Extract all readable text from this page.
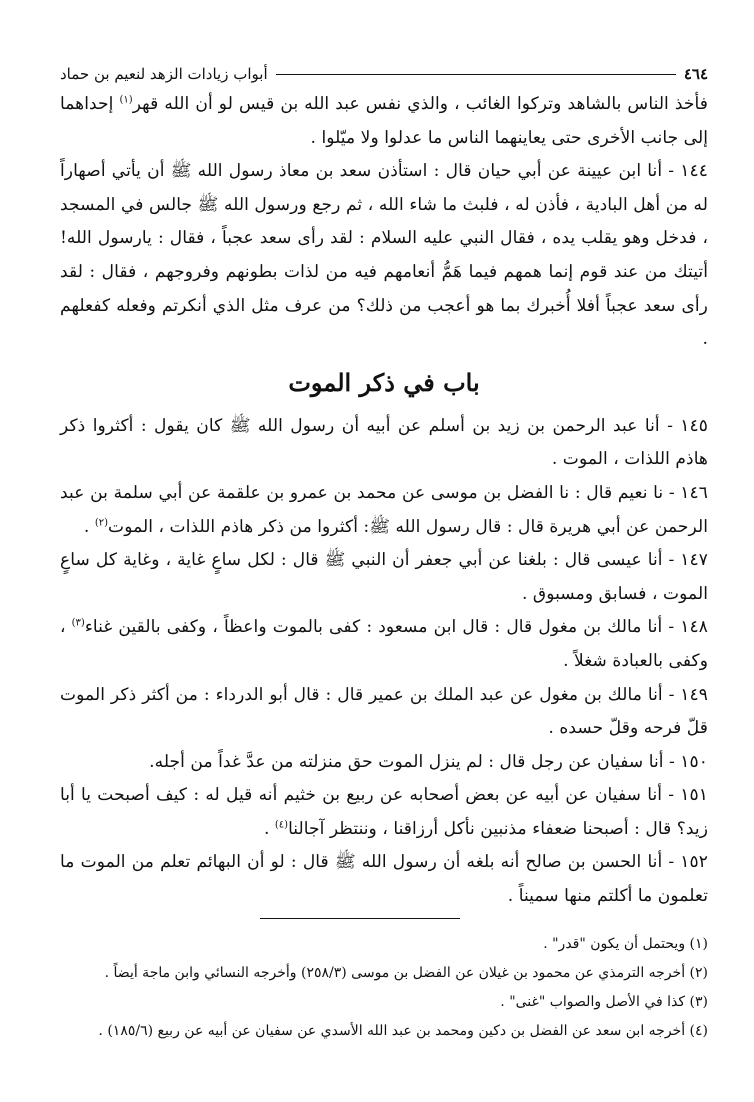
٤٦٤
أبواب زيادات الزهد لنعيم بن حماد

فأخذ الناس بالشاهد وتركوا الغائب ، والذي نفس عبد الله بن قيس لو أن الله قهر$^{(١)}$ إحداهما إلى جانب الأخرى حتى يعاينهما الناس ما عدلوا ولا ميّلوا .

١٤٤ - أنا ابن عيينة عن أبي حيان قال : استأذن سعد بن معاذ رسول الله ﷺ أن يأتي أصهاراً له من أهل البادية ، فأذن له ، فلبث ما شاء الله ، ثم رجع ورسول الله ﷺ جالس في المسجد ، فدخل وهو يقلب يده ، فقال النبي عليه السلام : لقد رأى سعد عجباً ، فقال : يارسول الله! أتيتك من عند قوم إنما همهم فيما هَمُّ أنعامهم فيه من لذات بطونهم وفروجهم ، فقال : لقد رأى سعد عجباً أفلا أُخبرك بما هو أعجب من ذلك؟ من عرف مثل الذي أنكرتم وفعله كفعلهم .

باب في ذكر الموت

١٤٥ - أنا عبد الرحمن بن زيد بن أسلم عن أبيه أن رسول الله ﷺ كان يقول : أكثروا ذكر هاذم اللذات ، الموت .

١٤٦ - نا نعيم قال : نا الفضل بن موسى عن محمد بن عمرو بن علقمة عن أبي سلمة بن عبد الرحمن عن أبي هريرة قال : قال رسول الله ﷺ: أكثروا من ذكر هاذم اللذات ، الموت$^{(٢)}$ .

١٤٧ - أنا عيسى قال : بلغنا عن أبي جعفر أن النبي ﷺ قال : لكل ساعٍ غاية ، وغاية كل ساعٍ الموت ، فسابق ومسبوق .

١٤٨ - أنا مالك بن مغول قال : قال ابن مسعود : كفى بالموت واعظاً ، وكفى بالقين غناء$^{(٣)}$ ، وكفى بالعبادة شغلاً .

١٤٩ - أنا مالك بن مغول عن عبد الملك بن عمير قال : قال أبو الدرداء : من أكثر ذكر الموت قلّ فرحه وقلّ حسده .

١٥٠ - أنا سفيان عن رجل قال : لم ينزل الموت حق منزلته من عدَّ غداً من أجله.

١٥١ - أنا سفيان عن أبيه عن بعض أصحابه عن ربيع بن خثيم أنه قيل له : كيف أصبحت يا أبا زيد؟ قال : أصبحنا ضعفاء مذنبين نأكل أرزاقنا ، وننتظر آجالنا$^{(٤)}$ .

١٥٢ - أنا الحسن بن صالح أنه بلغه أن رسول الله ﷺ قال : لو أن البهائم تعلم من الموت ما تعلمون ما أكلتم منها سميناً .

(١) ويحتمل أن يكون "قدر" .

(٢) أخرجه الترمذي عن محمود بن غيلان عن الفضل بن موسى (٢٥٨/٣) وأخرجه النسائي وابن ماجة أيضاً .

(٣) كذا في الأصل والصواب "غنى" .

(٤) أخرجه ابن سعد عن الفضل بن دكين ومحمد بن عبد الله الأسدي عن سفيان عن أبيه عن ربيع (١٨٥/٦) .
